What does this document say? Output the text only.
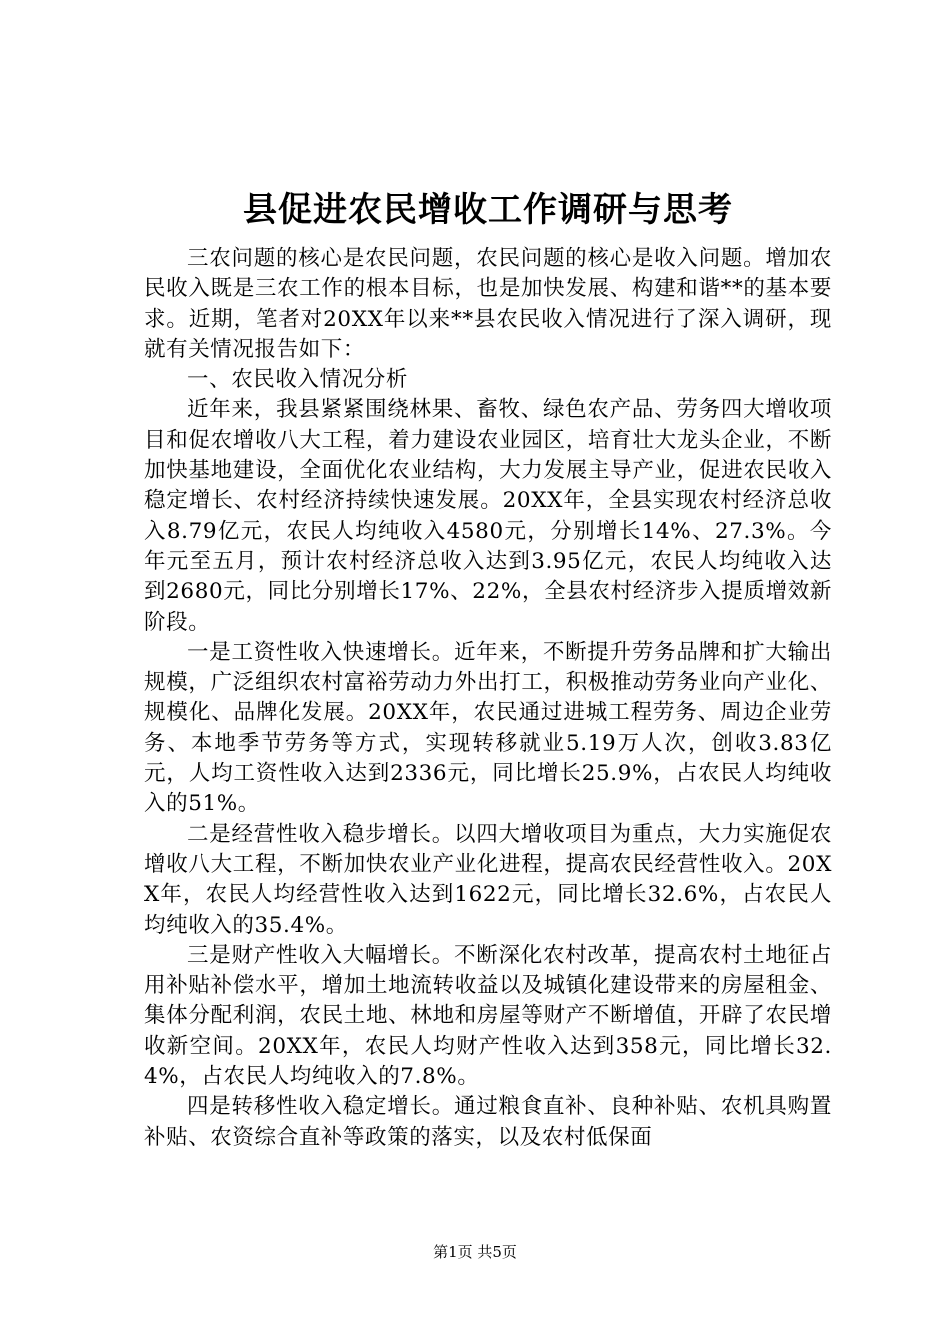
县促进农民增收工作调研与思考

三农问题的核心是农民问题，农民问题的核心是收入问题。增加农民收入既是三农工作的根本目标，也是加快发展、构建和谐**的基本要求。近期，笔者对20XX年以来**县农民收入情况进行了深入调研，现就有关情况报告如下：

一、农民收入情况分析

近年来，我县紧紧围绕林果、畜牧、绿色农产品、劳务四大增收项目和促农增收八大工程，着力建设农业园区，培育壮大龙头企业，不断加快基地建设，全面优化农业结构，大力发展主导产业，促进农民收入稳定增长、农村经济持续快速发展。20XX年，全县实现农村经济总收入8.79亿元，农民人均纯收入4580元，分别增长14%、27.3%。今年元至五月，预计农村经济总收入达到3.95亿元，农民人均纯收入达到2680元，同比分别增长17%、22%，全县农村经济步入提质增效新阶段。

一是工资性收入快速增长。近年来，不断提升劳务品牌和扩大输出规模，广泛组织农村富裕劳动力外出打工，积极推动劳务业向产业化、规模化、品牌化发展。20XX年，农民通过进城工程劳务、周边企业劳务、本地季节劳务等方式，实现转移就业5.19万人次，创收3.83亿元，人均工资性收入达到2336元，同比增长25.9%，占农民人均纯收入的51%。

二是经营性收入稳步增长。以四大增收项目为重点，大力实施促农增收八大工程，不断加快农业产业化进程，提高农民经营性收入。20XX年，农民人均经营性收入达到1622元，同比增长32.6%，占农民人均纯收入的35.4%。

三是财产性收入大幅增长。不断深化农村改革，提高农村土地征占用补贴补偿水平，增加土地流转收益以及城镇化建设带来的房屋租金、集体分配利润，农民土地、林地和房屋等财产不断增值，开辟了农民增收新空间。20XX年，农民人均财产性收入达到358元，同比增长32.4%，占农民人均纯收入的7.8%。

四是转移性收入稳定增长。通过粮食直补、良种补贴、农机具购置补贴、农资综合直补等政策的落实，以及农村低保面

第1页 共5页
